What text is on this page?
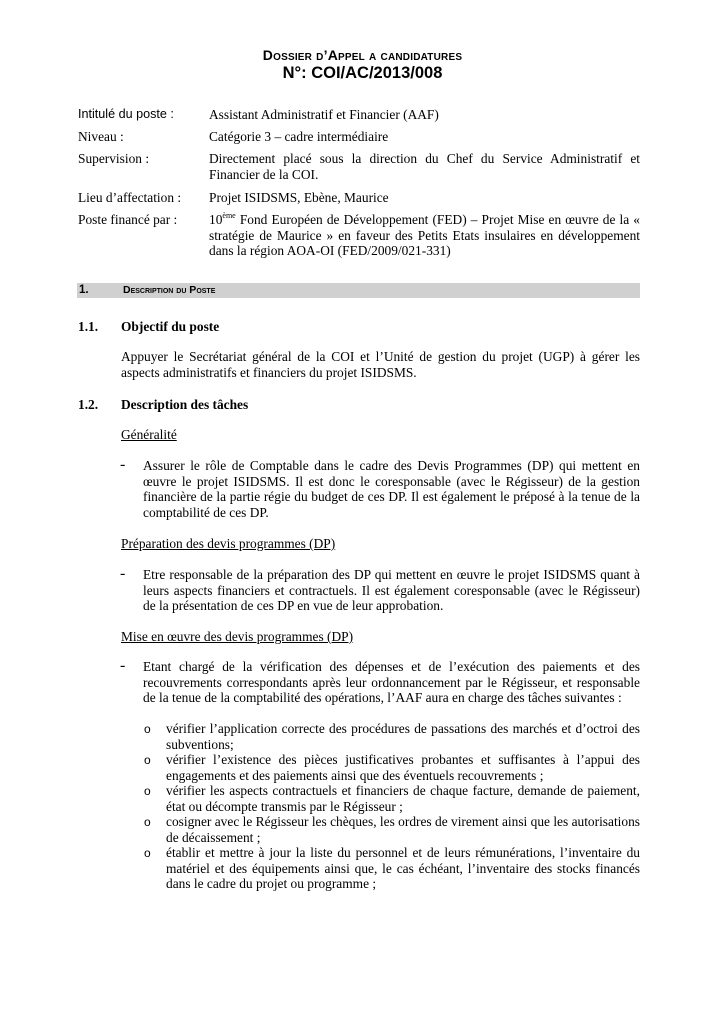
Dossier d’Appel a candidatures
N°: COI/AC/2013/008
Intitulé du poste :	Assistant Administratif et Financier (AAF)
Niveau :	Catégorie 3 – cadre intermédiaire
Supervision :	Directement placé sous la direction du Chef du Service Administratif et Financier de la COI.
Lieu d’affectation :	Projet ISIDSMS, Ebène, Maurice
Poste financé par :	10ème Fond Européen de Développement (FED) – Projet Mise en œuvre de la « stratégie de Maurice » en faveur des Petits Etats insulaires en développement dans la région AOA-OI (FED/2009/021-331)
1.	Description du Poste
1.1. Objectif du poste
Appuyer le Secrétariat général de la COI et l’Unité de gestion du projet (UGP) à gérer les aspects administratifs et financiers du projet ISIDSMS.
1.2. Description des tâches
Généralité
- Assurer le rôle de Comptable dans le cadre des Devis Programmes (DP) qui mettent en œuvre le projet ISIDSMS. Il est donc le coresponsable (avec le Régisseur) de la gestion financière de la partie régie du budget de ces DP. Il est également le préposé à la tenue de la comptabilité de ces DP.
Préparation des devis programmes (DP)
- Etre responsable de la préparation des DP qui mettent en œuvre le projet ISIDSMS quant à leurs aspects financiers et contractuels. Il est également coresponsable (avec le Régisseur) de la présentation de ces DP en vue de leur approbation.
Mise en œuvre des devis programmes (DP)
- Etant chargé de la vérification des dépenses et de l’exécution des paiements et des recouvrements correspondants après leur ordonnancement par le Régisseur, et responsable de la tenue de la comptabilité des opérations, l’AAF aura en charge des tâches suivantes :
o vérifier l’application correcte des procédures de passations des marchés et d’octroi des subventions;
o vérifier l’existence des pièces justificatives probantes et suffisantes à l’appui des engagements et des paiements ainsi que des éventuels recouvrements ;
o vérifier les aspects contractuels et financiers de chaque facture, demande de paiement, état ou décompte transmis par le Régisseur ;
o cosigner avec le Régisseur les chèques, les ordres de virement ainsi que les autorisations de décaissement ;
o établir et mettre à jour la liste du personnel et de leurs rémunérations, l’inventaire du matériel et des équipements ainsi que, le cas échéant, l’inventaire des stocks financés dans le cadre du projet ou programme ;
